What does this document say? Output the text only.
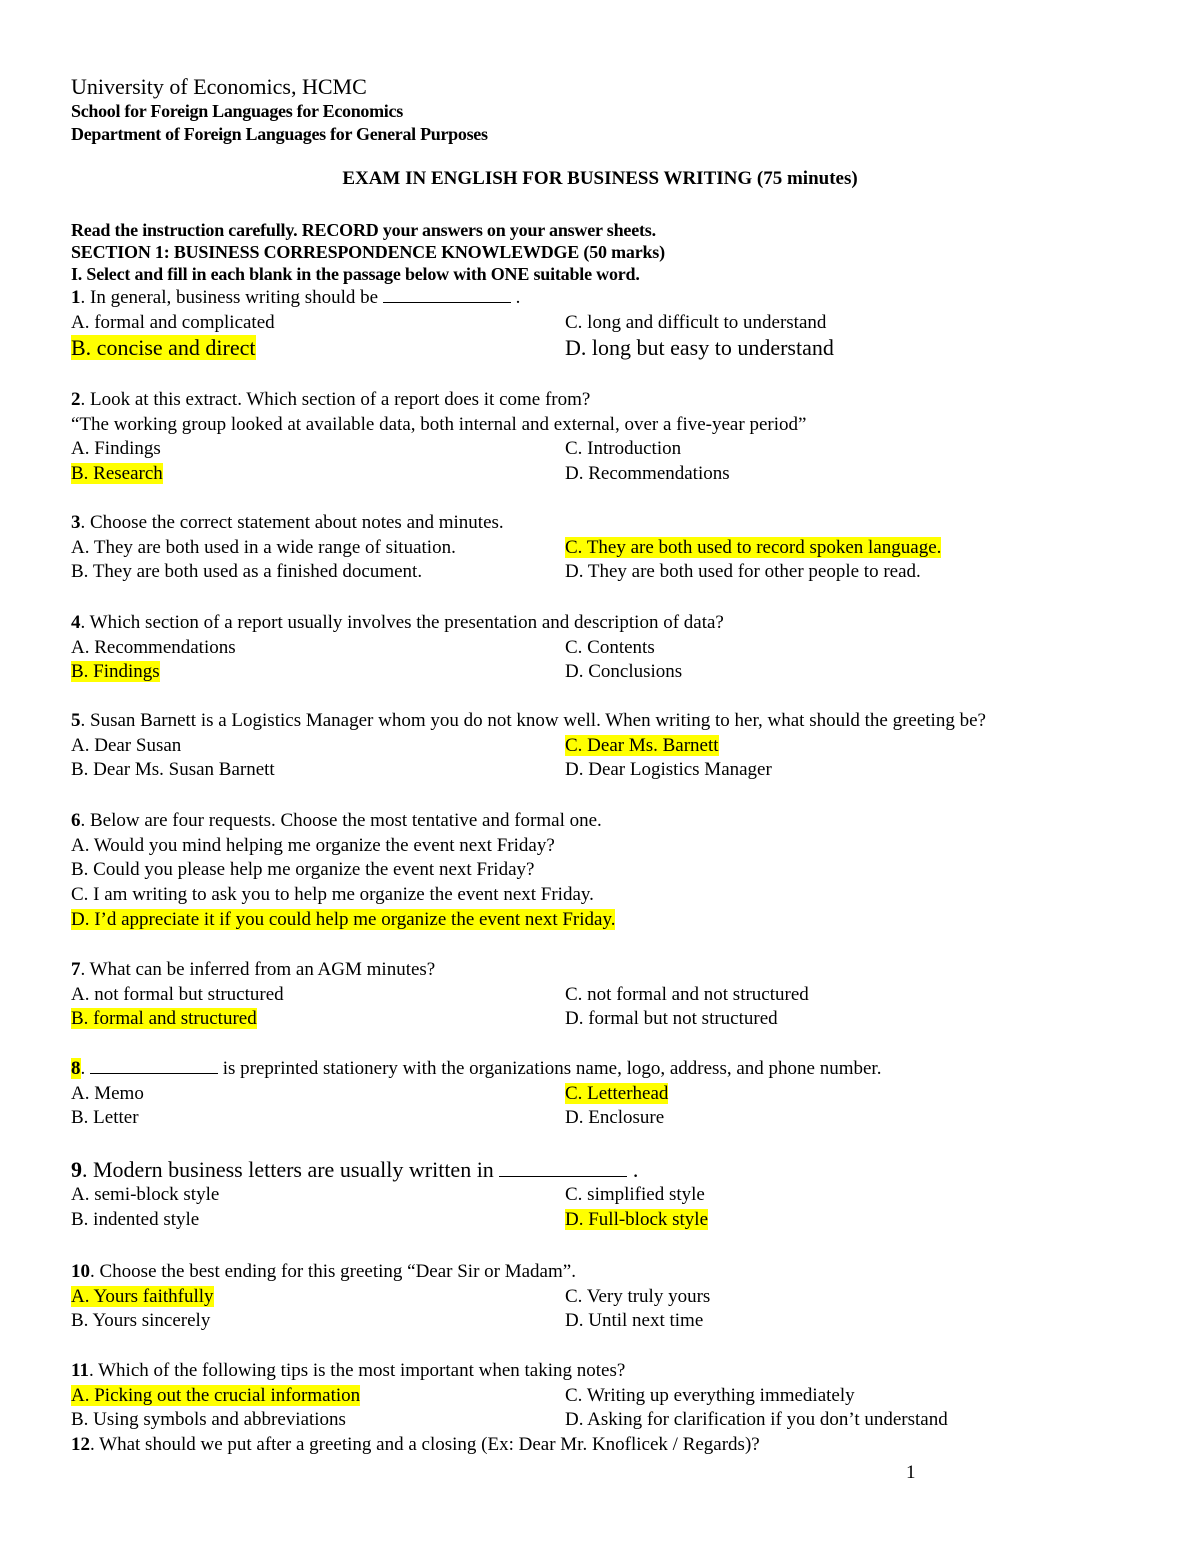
University of Economics, HCMC
School for Foreign Languages for Economics
Department of Foreign Languages for General Purposes
EXAM IN ENGLISH FOR BUSINESS WRITING (75 minutes)
Read the instruction carefully. RECORD your answers on your answer sheets.
SECTION 1: BUSINESS CORRESPONDENCE KNOWLEWDGE (50 marks)
I. Select and fill in each blank in the passage below with ONE suitable word.
1. In general, business writing should be	.
A. formal and complicated	C. long and difficult to understand
B. concise and direct	D. long but easy to understand
2. Look at this extract. Which section of a report does it come from?
“The working group looked at available data, both internal and external, over a five-year period”
A. Findings	C. Introduction
B. Research	D. Recommendations
3. Choose the correct statement about notes and minutes.
A. They are both used in a wide range of situation.	C. They are both used to record spoken language.
B. They are both used as a finished document.	D. They are both used for other people to read.
4. Which section of a report usually involves the presentation and description of data?
A. Recommendations	C. Contents
B. Findings	D. Conclusions
5. Susan Barnett is a Logistics Manager whom you do not know well. When writing to her, what should the greeting be?
A. Dear Susan	C. Dear Ms. Barnett
B. Dear Ms. Susan Barnett	D. Dear Logistics Manager
6. Below are four requests. Choose the most tentative and formal one.
A. Would you mind helping me organize the event next Friday?
B. Could you please help me organize the event next Friday?
C. I am writing to ask you to help me organize the event next Friday.
D. I’d appreciate it if you could help me organize the event next Friday.
7. What can be inferred from an AGM minutes?
A. not formal but structured	C. not formal and not structured
B. formal and structured	D. formal but not structured
8.	is preprinted stationery with the organizations name, logo, address, and phone number.
A. Memo	C. Letterhead
B. Letter	D. Enclosure
9. Modern business letters are usually written in	.
A. semi-block style	C. simplified style
B. indented style	D. Full-block style
10. Choose the best ending for this greeting “Dear Sir or Madam”.
A. Yours faithfully	C. Very truly yours
B. Yours sincerely	D. Until next time
11. Which of the following tips is the most important when taking notes?
A. Picking out the crucial information	C. Writing up everything immediately
B. Using symbols and abbreviations	D. Asking for clarification if you don’t understand
12. What should we put after a greeting and a closing (Ex: Dear Mr. Knoflicek / Regards)?
1
